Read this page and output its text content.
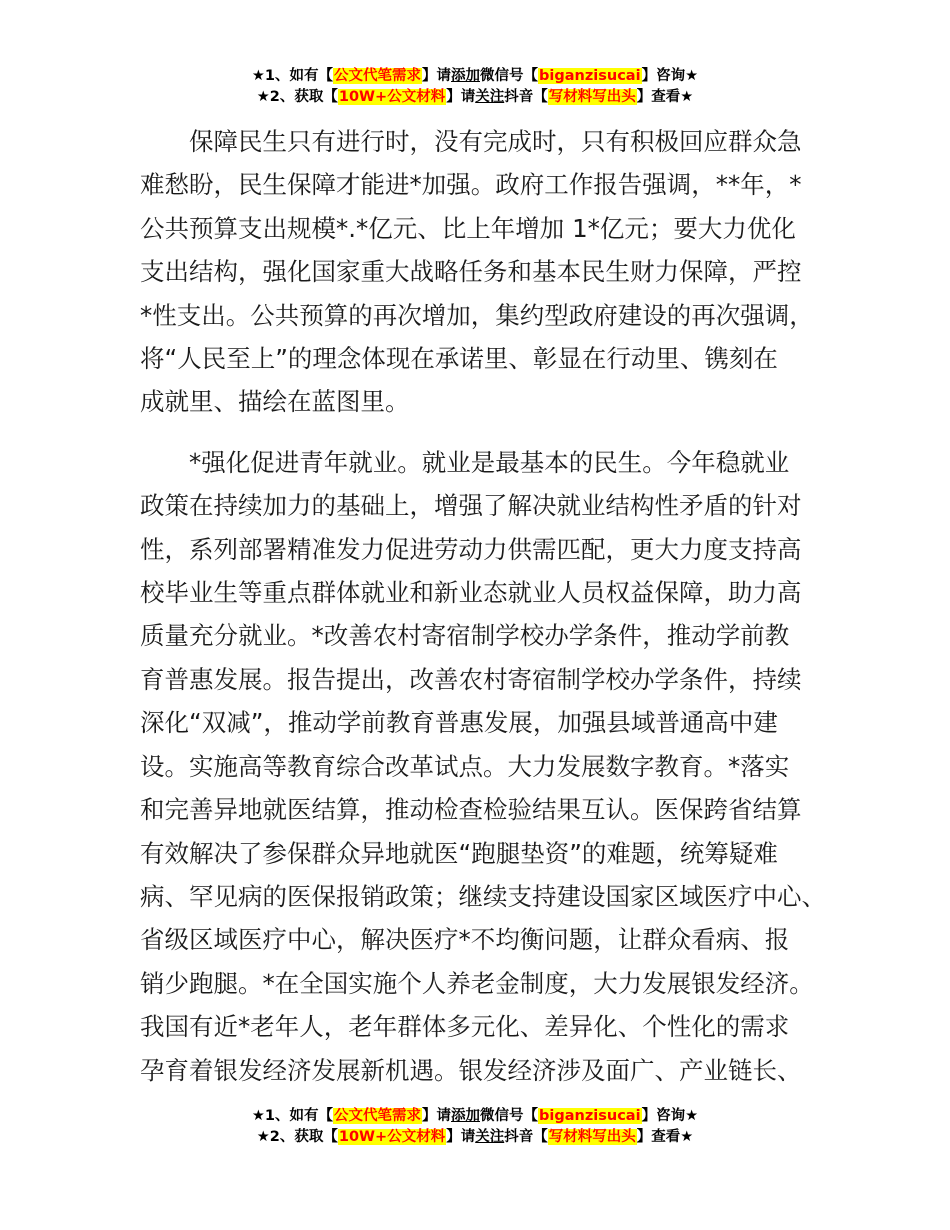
★1、如有【公文代笔需求】请添加微信号【biganzisucai】咨询★
★2、获取【10W+公文材料】请关注抖音【写材料写出头】查看★
保障民生只有进行时，没有完成时，只有积极回应群众急
难愁盼，民生保障才能进*加强。政府工作报告强调，**年，*
公共预算支出规模*.*亿元、比上年增加 1*亿元；要大力优化
支出结构，强化国家重大战略任务和基本民生财力保障，严控
*性支出。公共预算的再次增加，集约型政府建设的再次强调，
将“人民至上”的理念体现在承诺里、彰显在行动里、镌刻在
成就里、描绘在蓝图里。
*强化促进青年就业。就业是最基本的民生。今年稳就业
政策在持续加力的基础上，增强了解决就业结构性矛盾的针对
性，系列部署精准发力促进劳动力供需匹配，更大力度支持高
校毕业生等重点群体就业和新业态就业人员权益保障，助力高
质量充分就业。*改善农村寄宿制学校办学条件，推动学前教
育普惠发展。报告提出，改善农村寄宿制学校办学条件，持续
深化“双减”，推动学前教育普惠发展，加强县域普通高中建
设。实施高等教育综合改革试点。大力发展数字教育。*落实
和完善异地就医结算，推动检查检验结果互认。医保跨省结算
有效解决了参保群众异地就医“跑腿垫资”的难题，统筹疑难
病、罕见病的医保报销政策；继续支持建设国家区域医疗中心、
省级区域医疗中心，解决医疗*不均衡问题，让群众看病、报
销少跑腿。*在全国实施个人养老金制度，大力发展银发经济。
我国有近*老年人，老年群体多元化、差异化、个性化的需求
孕育着银发经济发展新机遇。银发经济涉及面广、产业链长、
★1、如有【公文代笔需求】请添加微信号【biganzisucai】咨询★
★2、获取【10W+公文材料】请关注抖音【写材料写出头】查看★
